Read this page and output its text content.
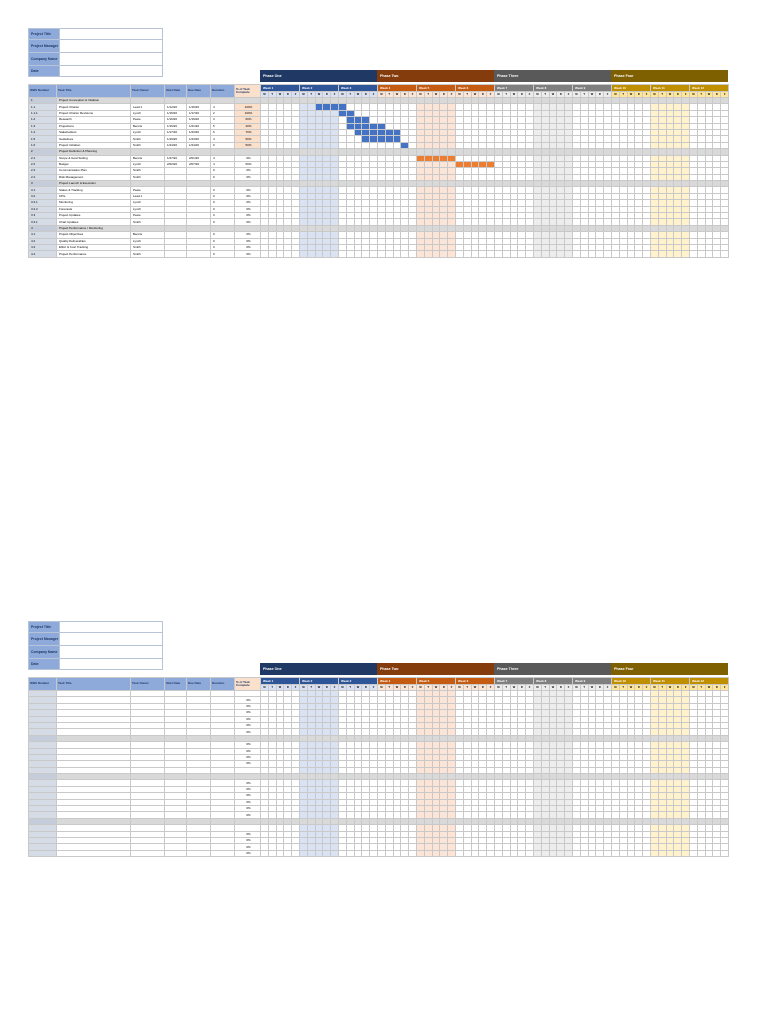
Project Title	
Project Manager	
Company Name	
Date	
Phase One	Phase Two	Phase Three	Phase Four
WBS Number	Task Title	Task Owner	Start Date	Due Date	Duration	% of Task Complete	Week 1	Week 2	Week 3	Week 4	Week 5	Week 6	Week 7	Week 8	Week 9	Week 10	Week 11	Week 12
M	T	W	R	F	M	T	W	R	F	M	T	W	R	F	M	T	W	R	F	M	T	W	R	F	M	T	W	R	F	M	T	W	R	F	M	T	W	R	F	M	T	W	R	F	M	T	W	R	F	M	T	W	R	F	M	T	W	R	F
1	Project Conception & Initiation																																																																	
1.1	Project Charter	Lead 1	1/12/20	1/16/20	4	100%																																																												
1.1.1	Project Charter Revisions	Lynch	1/15/20	1/17/20	2	100%																																																												
1.2	Research	Peele	1/16/20	1/19/20	3	60%																																																												
1.3	Projections	Bennis	1/16/20	1/21/20	5	40%																																																												
1.4	Stakeholders	Lynch	1/17/20	1/23/20	6	70%																																																												
1.5	Guidelines	Smith	1/19/20	1/23/20	4	50%																																																												
1.6	Project Initiation	Smith	1/24/20	1/24/20	0	50%																																																												
2	Project Definition & Planning																																																																	
2.1	Scope & Goal Setting	Bennis	1/27/20	2/01/20	4	0%																																																												
2.2	Budget	Lynch	2/02/20	2/07/20	4	50%																																																												
2.3	Communication Plan	Smith			0	0%																																																												
2.4	Risk Management	Smith			0	0%																																																												
3	Project Launch & Execution																																																																	
3.1	Status & Tracking	Peele			0	0%																																																												
3.2	KPIs	Lead 1			0	0%																																																												
3.2.1	Monitoring	Lynch			0	0%																																																												
3.2.2	Forecasts	Lynch			0	0%																																																												
3.3	Project Updates	Peele			0	0%																																																												
3.3.1	Chart Updates	Smith			0	0%																																																												
4	Project Performance / Monitoring																																																																	
4.1	Project Objectives	Bennis			0	0%																																																												
4.2	Quality Deliverables	Lynch			0	0%																																																												
4.3	Effort & Cost Tracking	Smith			0	0%																																																												
4.4	Project Performance	Smith			0	0%																																																												
Project Title	
Project Manager	
Company Name	
Date	
Phase One	Phase Two	Phase Three	Phase Four
WBS Number	Task Title	Task Owner	Start Date	Due Date	Duration	% of Task Complete	Week 1	Week 2	Week 3	Week 4	Week 5	Week 6	Week 7	Week 8	Week 9	Week 10	Week 11	Week 12
M	T	W	R	F	M	T	W	R	F	M	T	W	R	F	M	T	W	R	F	M	T	W	R	F	M	T	W	R	F	M	T	W	R	F	M	T	W	R	F	M	T	W	R	F	M	T	W	R	F	M	T	W	R	F	M	T	W	R	F

						0%																																																												
						0%																																																												
						0%																																																												
						0%																																																												
						0%																																																												
						0%																																																												

						0%																																																												
						0%																																																												
						0%																																																												
						0%																																																												

						0%																																																												
						0%																																																												
						0%																																																												
						0%																																																												
						0%																																																												
						0%																																																												

						0%																																																												
						0%																																																												
						0%																																																												
						0%																																																												
